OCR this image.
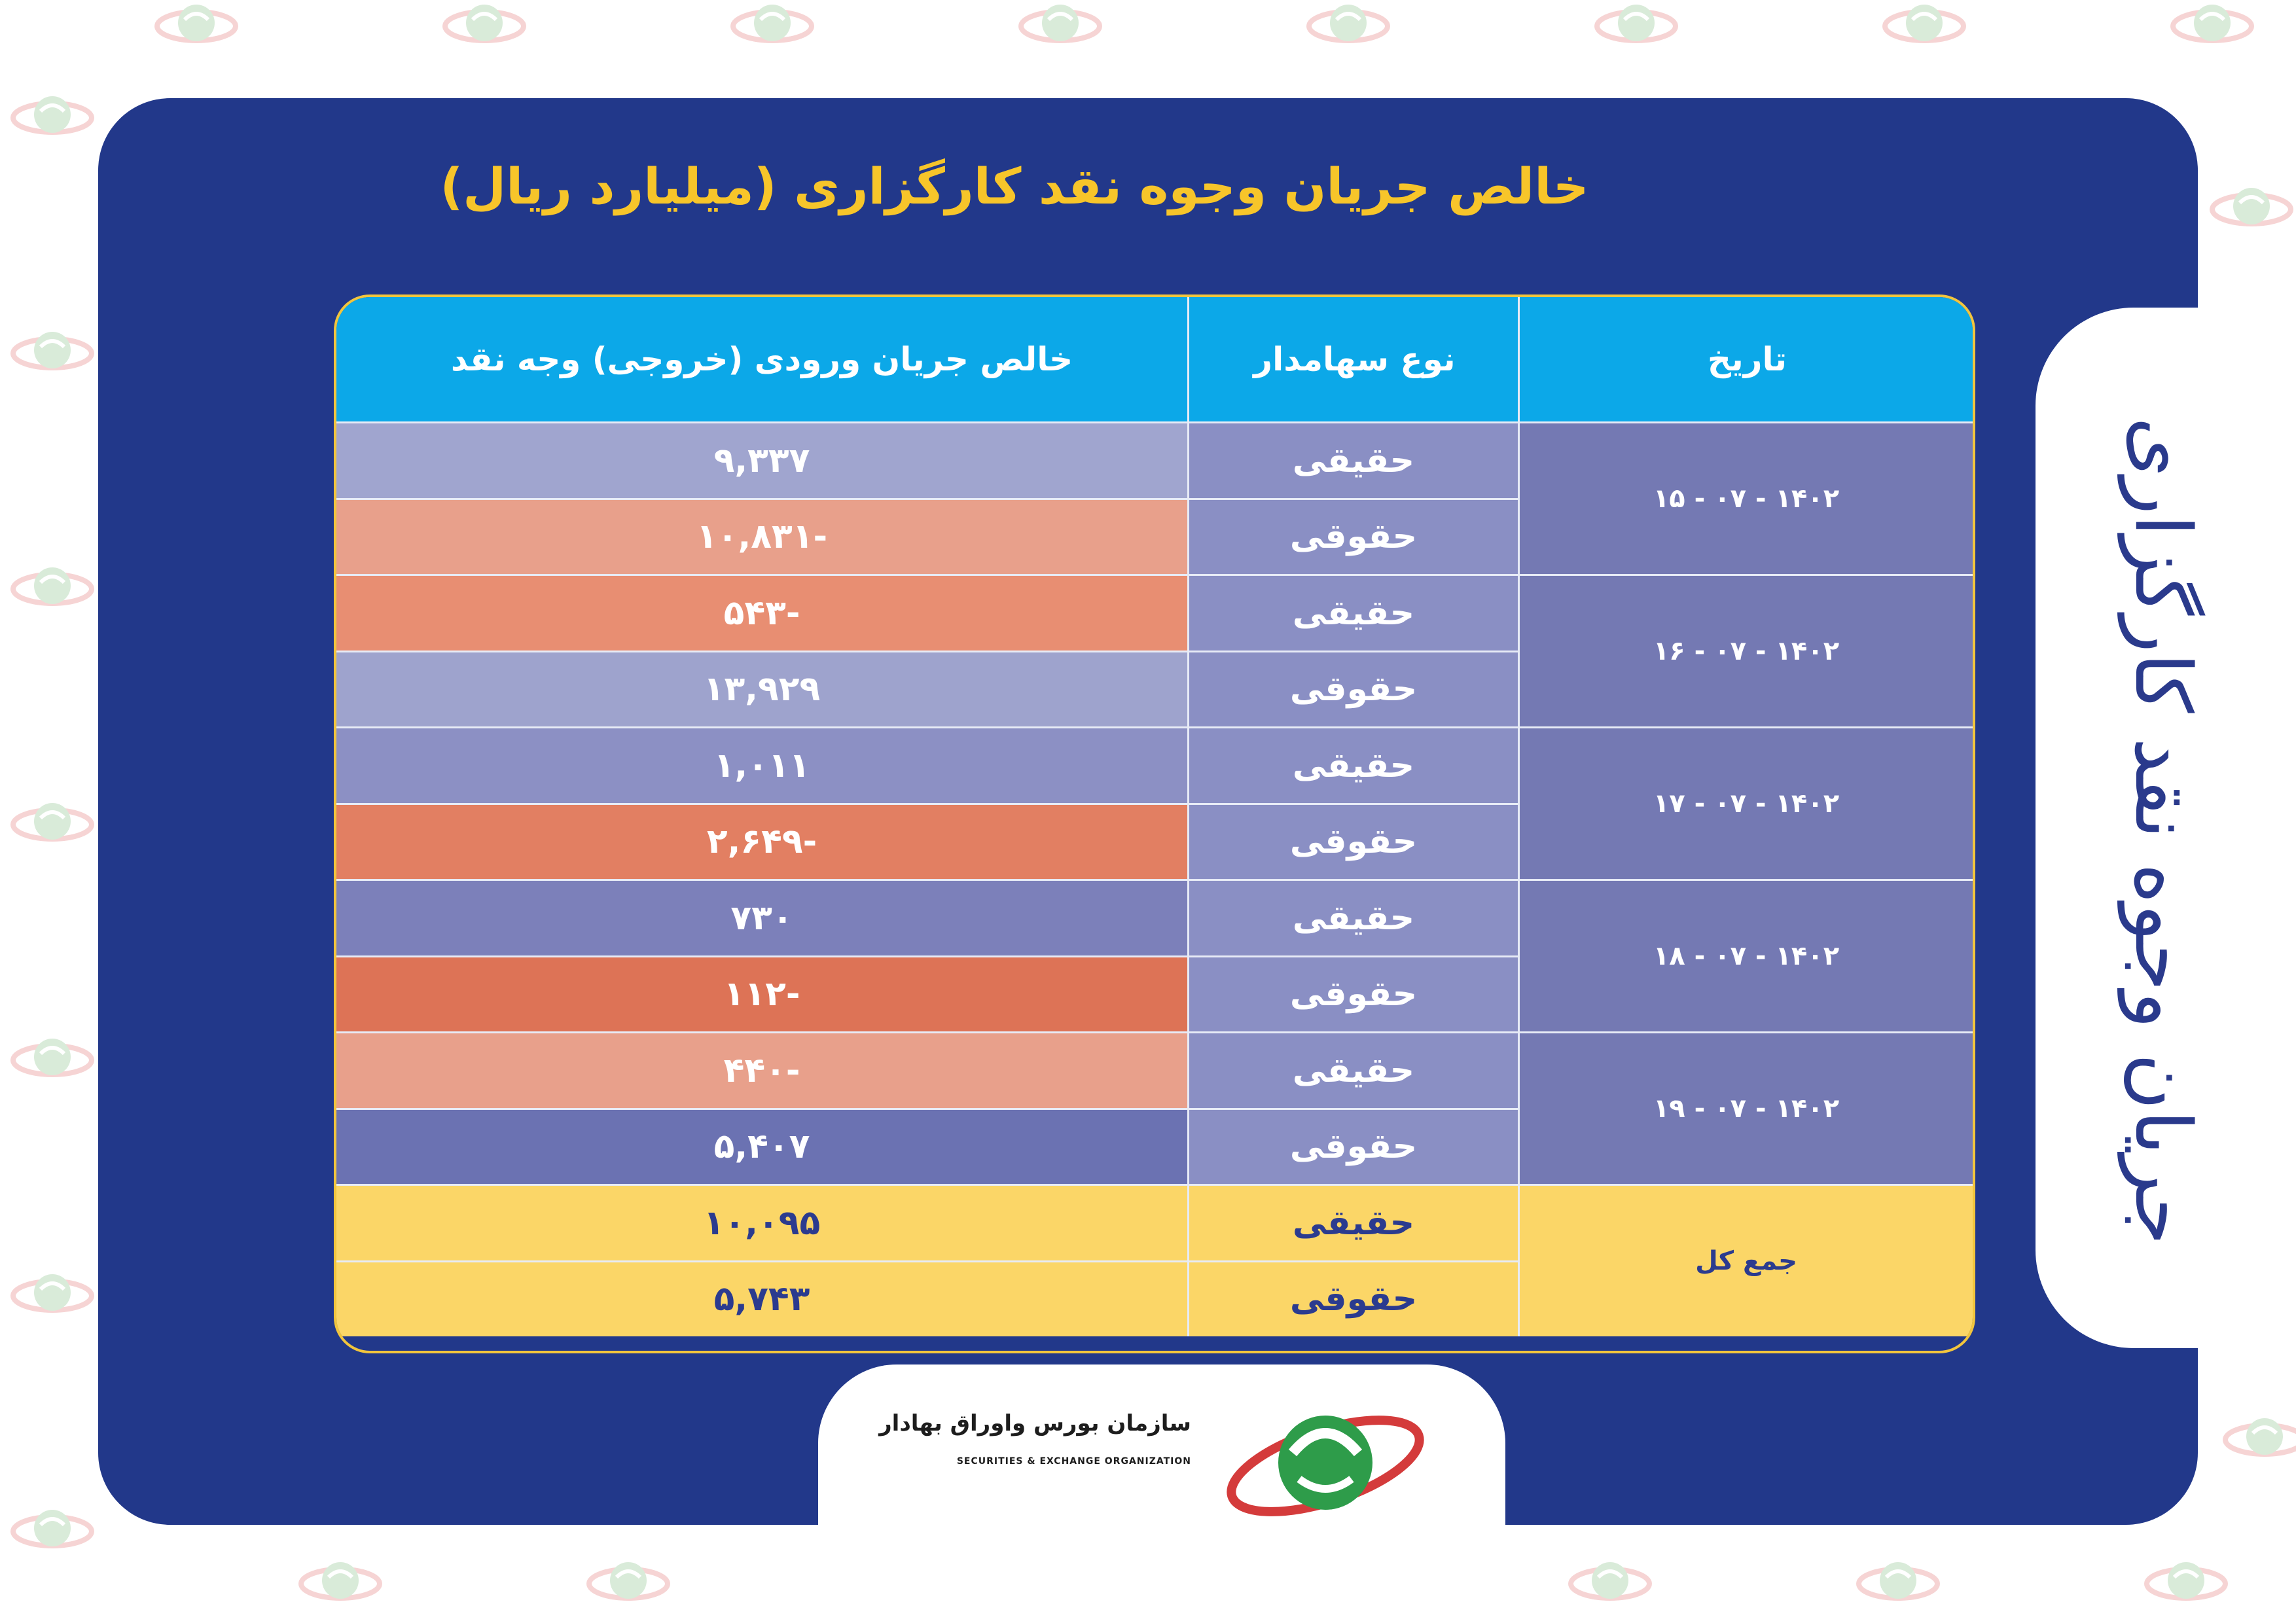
خالص جریان وجوه نقد کارگزاری (میلیارد ریال)
جریان وجوه نقد کارگزاری
خالص جریان ورودی (خروجی) وجه نقد	نوع سهامدار	تاریخ
۱۴۰۲ - ۰۷ - ۱۵
۹,۳۳۷	حقیقی
-۱۰,۸۳۱	حقوقی
۱۴۰۲ - ۰۷ - ۱۶
-۵۴۳	حقیقی
۱۳,۹۲۹	حقوقی
۱۴۰۲ - ۰۷ - ۱۷
۱,۰۱۱	حقیقی
-۲,۶۴۹	حقوقی
۱۴۰۲ - ۰۷ - ۱۸
۷۳۰	حقیقی
-۱۱۲	حقوقی
۱۴۰۲ - ۰۷ - ۱۹
-۴۴۰	حقیقی
۵,۴۰۷	حقوقی
جمع کل
۱۰,۰۹۵	حقیقی
۵,۷۴۳	حقوقی
سازمان بورس واوراق بهادار
SECURITIES & EXCHANGE ORGANIZATION
